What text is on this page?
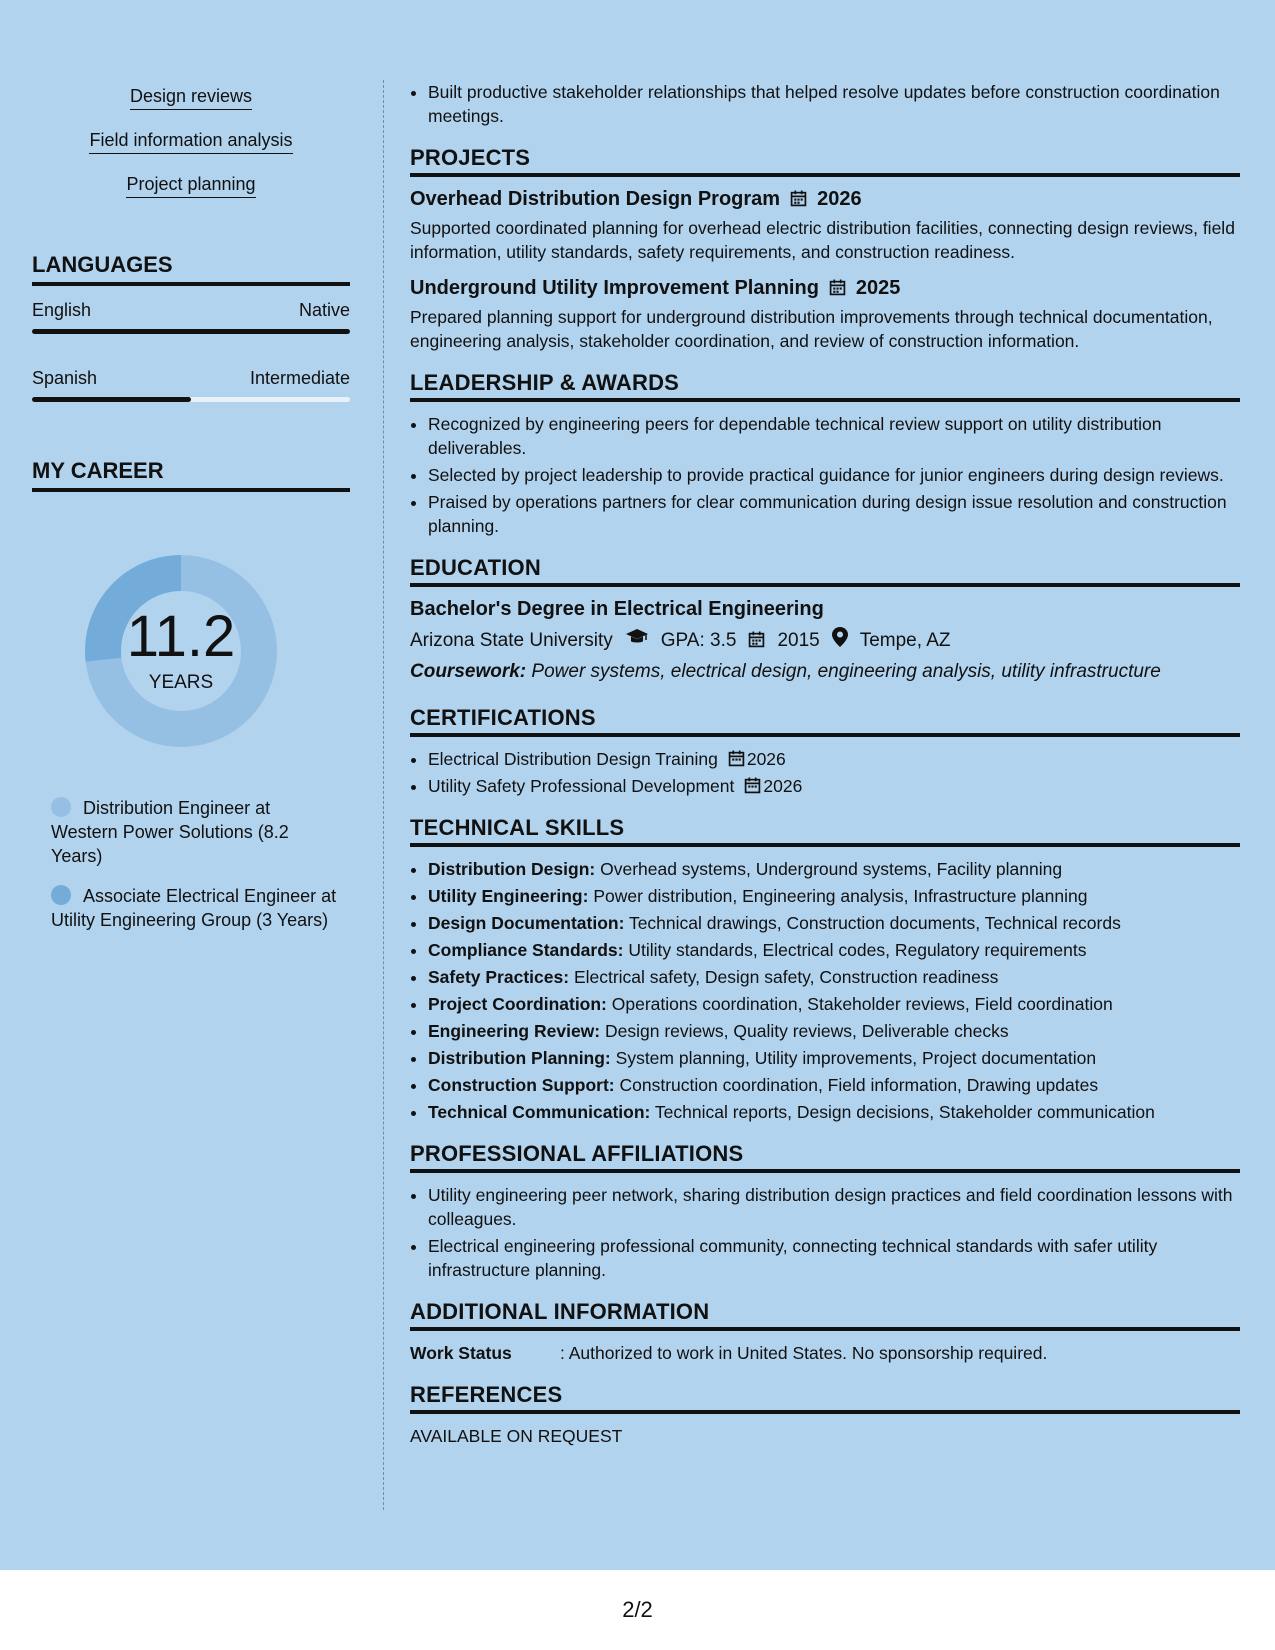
Design reviews
Field information analysis
Project planning
LANGUAGES
English	Native
Spanish	Intermediate
MY CAREER
11.2
YEARS
Distribution Engineer at Western Power Solutions (8.2 Years)
Associate Electrical Engineer at Utility Engineering Group (3 Years)
• Built productive stakeholder relationships that helped resolve updates before construction coordination meetings.
PROJECTS
Overhead Distribution Design Program 2026
Supported coordinated planning for overhead electric distribution facilities, connecting design reviews, field information, utility standards, safety requirements, and construction readiness.
Underground Utility Improvement Planning 2025
Prepared planning support for underground distribution improvements through technical documentation, engineering analysis, stakeholder coordination, and review of construction information.
LEADERSHIP & AWARDS
• Recognized by engineering peers for dependable technical review support on utility distribution deliverables.
• Selected by project leadership to provide practical guidance for junior engineers during design reviews.
• Praised by operations partners for clear communication during design issue resolution and construction planning.
EDUCATION
Bachelor's Degree in Electrical Engineering
Arizona State University	GPA: 3.5 2015 Tempe, AZ
Coursework: Power systems, electrical design, engineering analysis, utility infrastructure
CERTIFICATIONS
• Electrical Distribution Design Training 2026
• Utility Safety Professional Development 2026
TECHNICAL SKILLS
• Distribution Design: Overhead systems, Underground systems, Facility planning
• Utility Engineering: Power distribution, Engineering analysis, Infrastructure planning
• Design Documentation: Technical drawings, Construction documents, Technical records
• Compliance Standards: Utility standards, Electrical codes, Regulatory requirements
• Safety Practices: Electrical safety, Design safety, Construction readiness
• Project Coordination: Operations coordination, Stakeholder reviews, Field coordination
• Engineering Review: Design reviews, Quality reviews, Deliverable checks
• Distribution Planning: System planning, Utility improvements, Project documentation
• Construction Support: Construction coordination, Field information, Drawing updates
• Technical Communication: Technical reports, Design decisions, Stakeholder communication
PROFESSIONAL AFFILIATIONS
• Utility engineering peer network, sharing distribution design practices and field coordination lessons with colleagues.
• Electrical engineering professional community, connecting technical standards with safer utility infrastructure planning.
ADDITIONAL INFORMATION
Work Status	: Authorized to work in United States. No sponsorship required.
REFERENCES
AVAILABLE ON REQUEST
2/2
